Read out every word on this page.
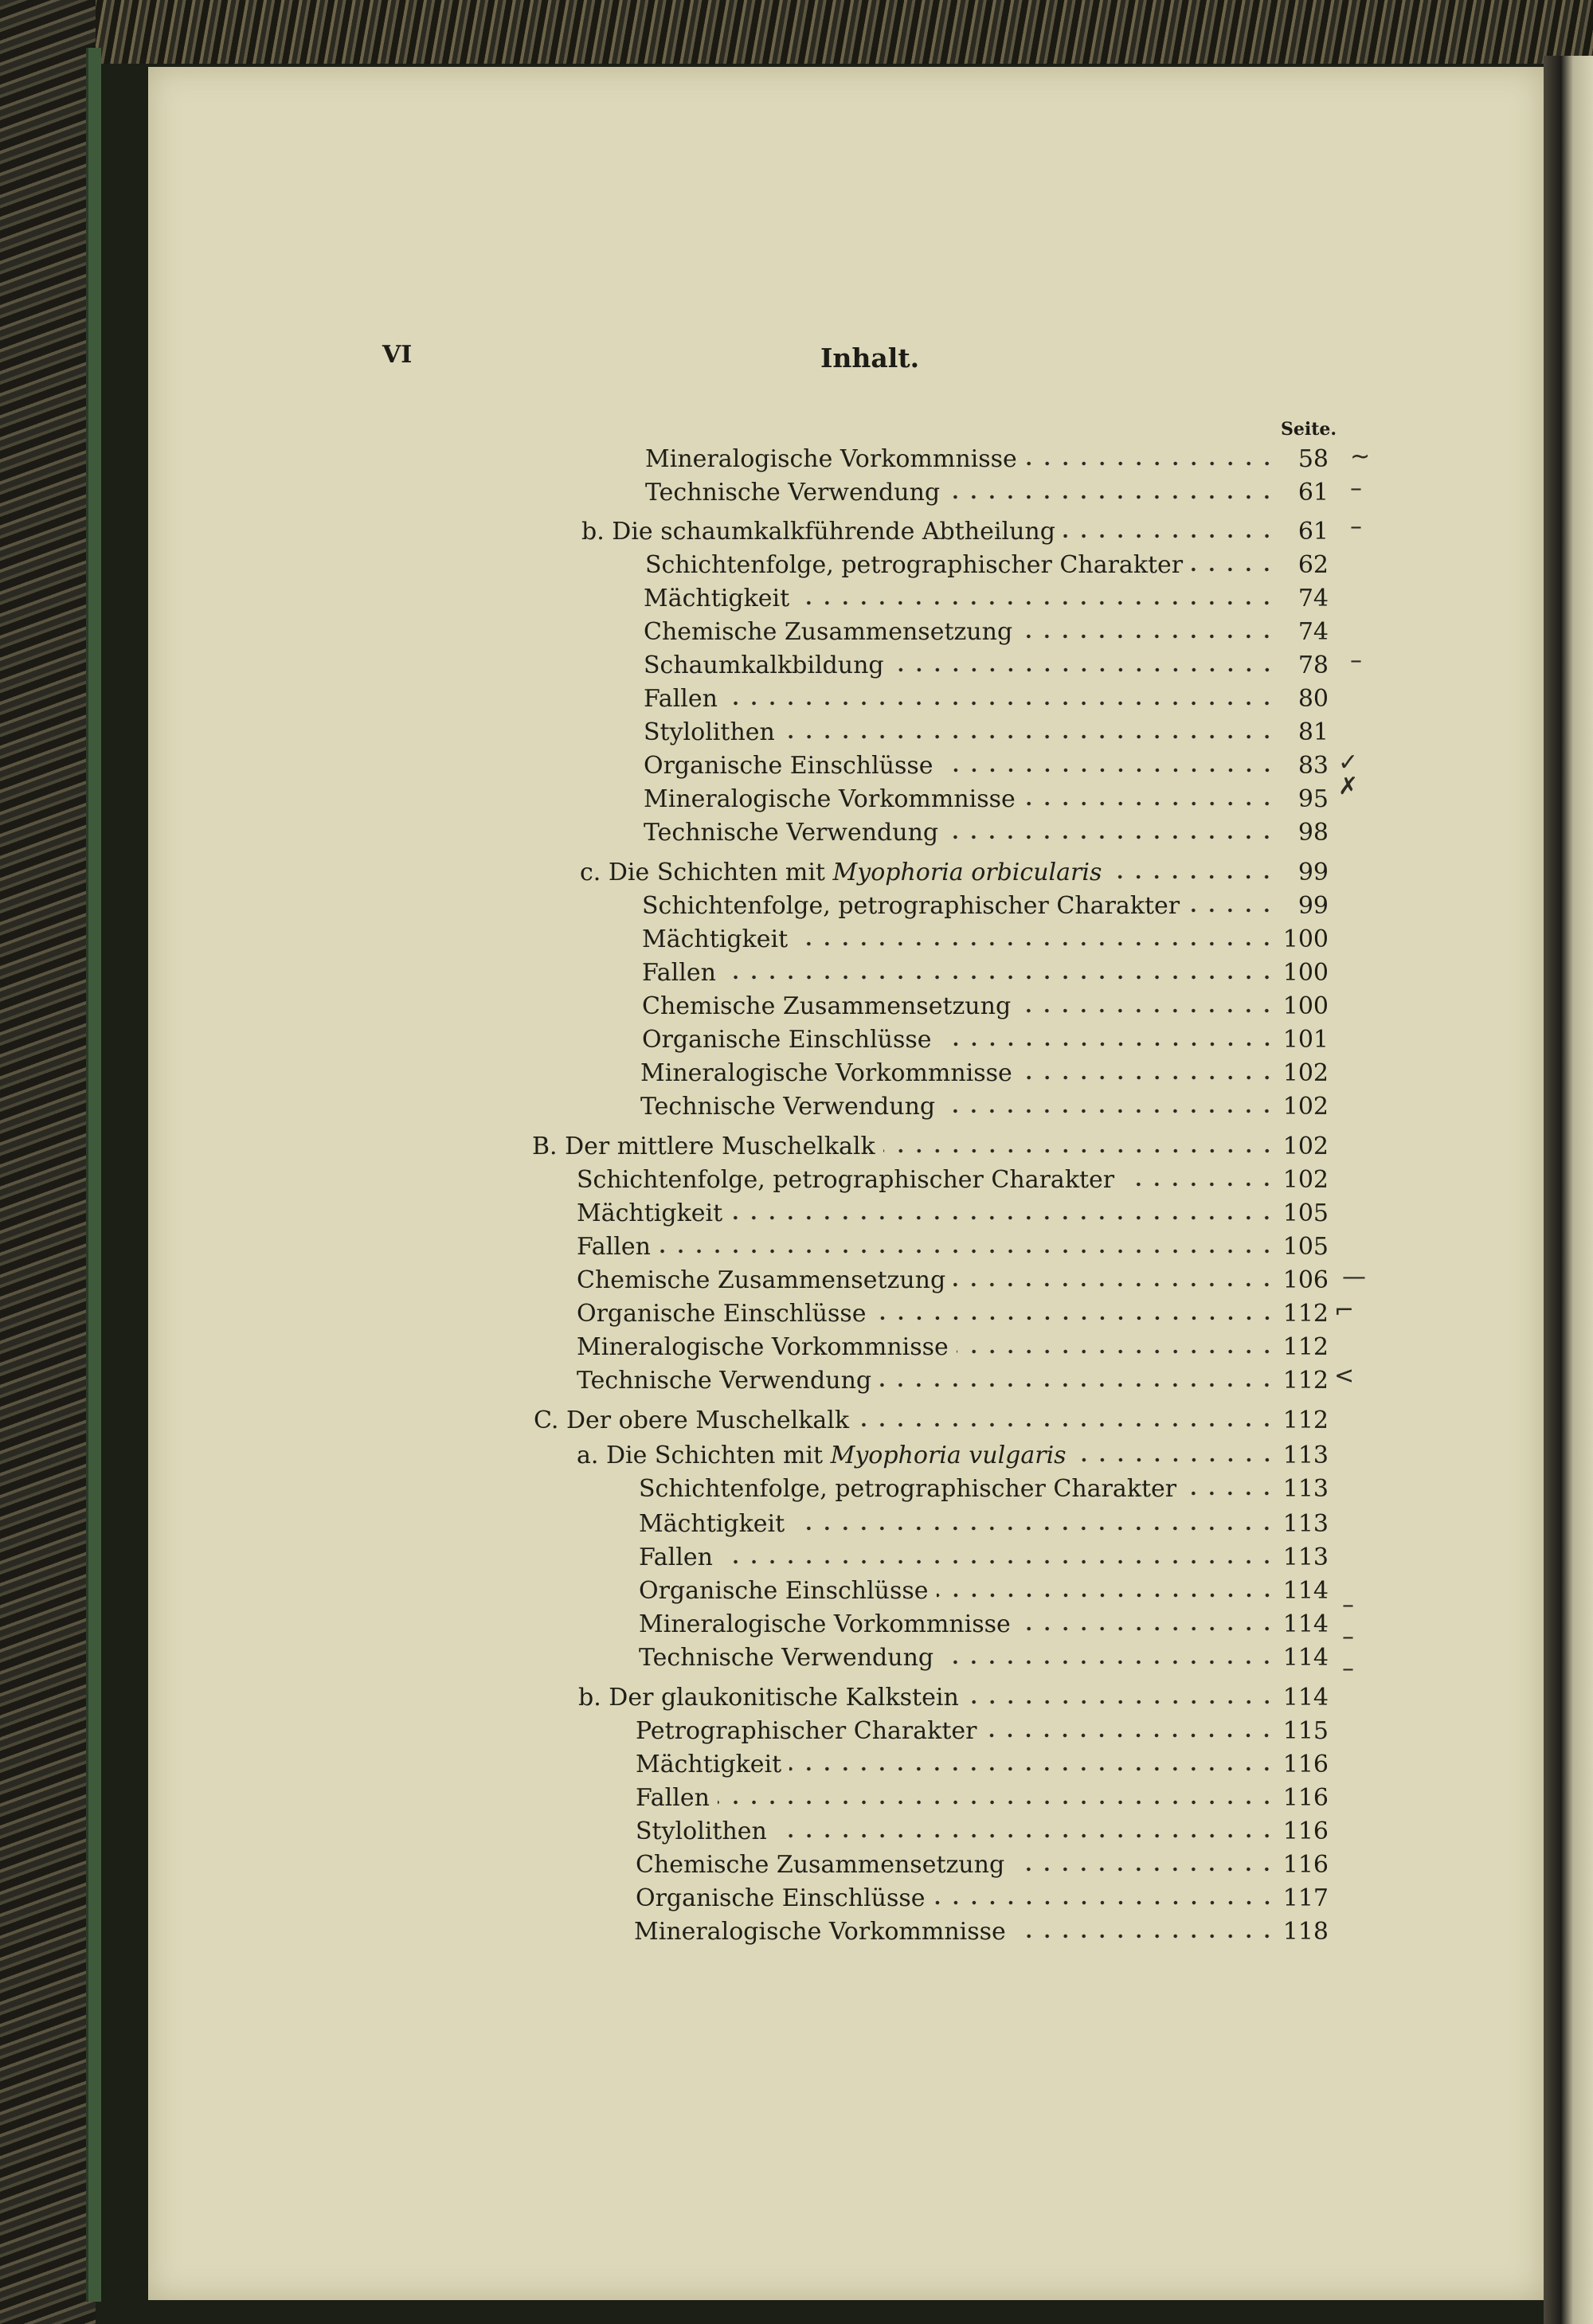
VI	Inhalt.
Seite.
Mineralogische Vorkommnisse	58
Technische Verwendung	61
b. Die schaumkalkführende Abtheilung	61
Schichtenfolge, petrographischer Charakter	62
Mächtigkeit	74
Chemische Zusammensetzung	74
Schaumkalkbildung	78
Fallen	80
Stylolithen	81
Organische Einschlüsse	83
Mineralogische Vorkommnisse	95
Technische Verwendung	98
c. Die Schichten mit Myophoria orbicularis	99
Schichtenfolge, petrographischer Charakter	99
Mächtigkeit	100
Fallen	100
Chemische Zusammensetzung	100
Organische Einschlüsse	101
Mineralogische Vorkommnisse	102
Technische Verwendung	102
B. Der mittlere Muschelkalk	102
Schichtenfolge, petrographischer Charakter	102
Mächtigkeit	105
Fallen	105
Chemische Zusammensetzung	106
Organische Einschlüsse	112
Mineralogische Vorkommnisse	112
Technische Verwendung	112
C. Der obere Muschelkalk	112
a. Die Schichten mit Myophoria vulgaris	113
Schichtenfolge, petrographischer Charakter	113
Mächtigkeit	113
Fallen	113
Organische Einschlüsse	114
Mineralogische Vorkommnisse	114
Technische Verwendung	114
b. Der glaukonitische Kalkstein	114
Petrographischer Charakter	115
Mächtigkeit	116
Fallen	116
Stylolithen	116
Chemische Zusammensetzung	116
Organische Einschlüsse	117
Mineralogische Vorkommnisse	118
~
–
–
–
✓
✗
—
⌐
<
–
–
–
